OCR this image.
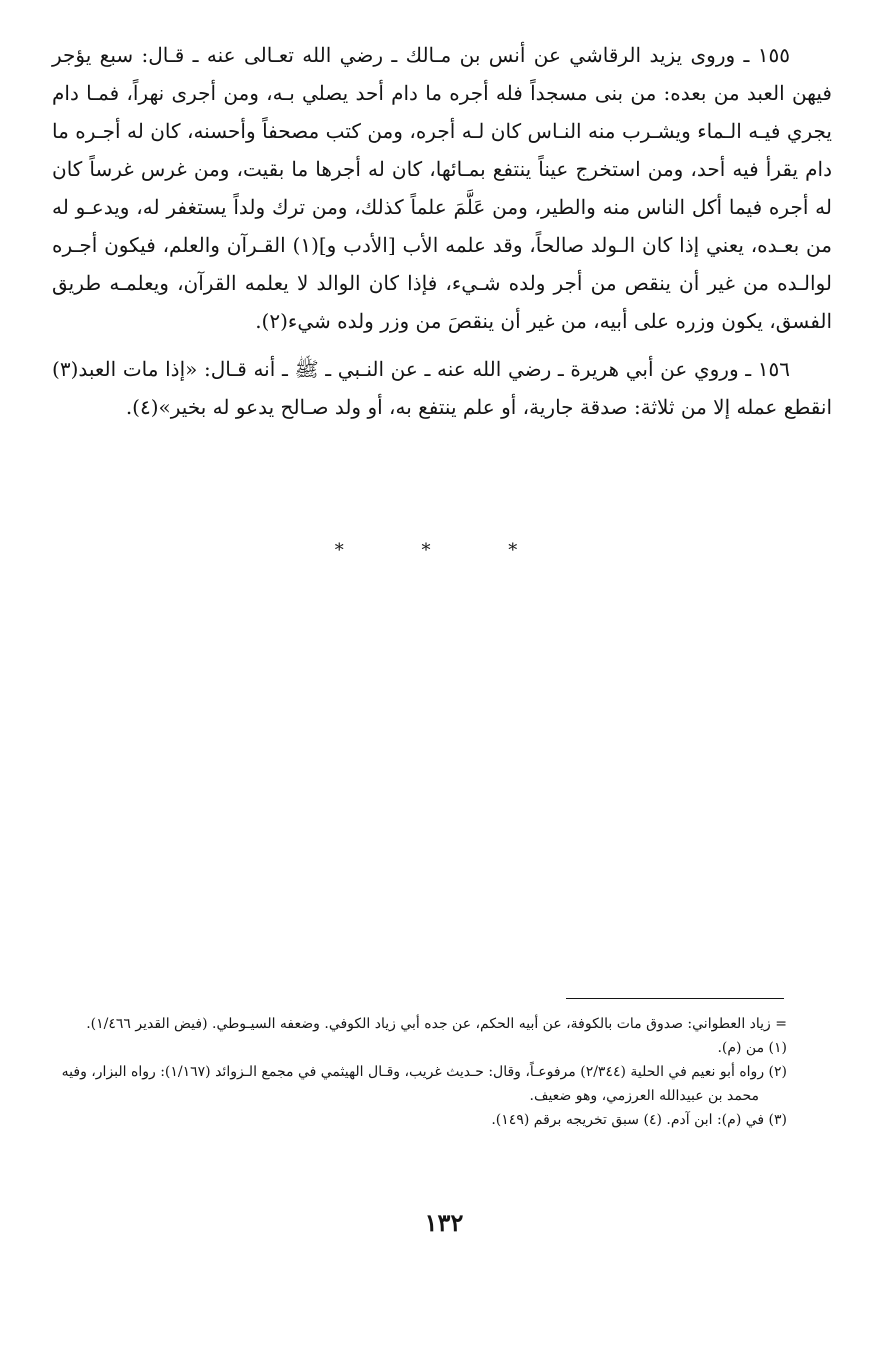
١٥٥ ـ وروى يزيد الرقاشي عن أنس بن مـالك ـ رضي الله تعـالى عنه ـ قـال: سبع يؤجر فيهن العبد من بعده: من بنى مسجداً فله أجره ما دام أحد يصلي بـه، ومن أجرى نهراً، فمـا دام يجري فيـه الـماء ويشـرب منه النـاس كان لـه أجره، ومن كتب مصحفاً وأحسنه، كان له أجـره ما دام يقرأ فيه أحد، ومن استخرج عيناً ينتفع بمـائها، كان له أجرها ما بقيت، ومن غرس غرساً كان له أجره فيما أكل الناس منه والطير، ومن عَلَّمَ علماً كذلك، ومن ترك ولداً يستغفر له، ويدعـو له من بعـده، يعني إذا كان الـولد صالحاً، وقد علمه الأب [الأدب و](١) القـرآن والعلم، فيكون أجـره لوالـده من غير أن ينقص من أجر ولده شـيء، فإذا كان الوالد لا يعلمه القرآن، ويعلمـه طريق الفسق، يكون وزره على أبيه، من غير أن ينقصَ من وزر ولده شيء(٢).

١٥٦ ـ وروي عن أبي هريرة ـ رضي الله عنه ـ عن النـبي ـ ﷺ ـ أنه قـال: «إذا مات العبد(٣) انقطع عمله إلا من ثلاثة: صدقة جارية، أو علم ينتفع به، أو ولد صـالح يدعو له بخير»(٤).

* * *

= زياد العطواني: صدوق مات بالكوفة، عن أبيه الحكم، عن جده أبي زياد الكوفي. وضعفه السيـوطي. (فيض القدير ١/٤٦٦).

(١) من (م).

(٢) رواه أبو نعيم في الحلية (٢/٣٤٤) مرفوعـاً، وقال: حـديث غريب، وقـال الهيثمي في مجمع الـزوائد (١/١٦٧): رواه البزار، وفيه محمد بن عبيدالله العرزمي، وهو ضعيف.

(٣) في (م): ابن آدم. (٤) سبق تخريجه برقم (١٤٩).

١٣٢
